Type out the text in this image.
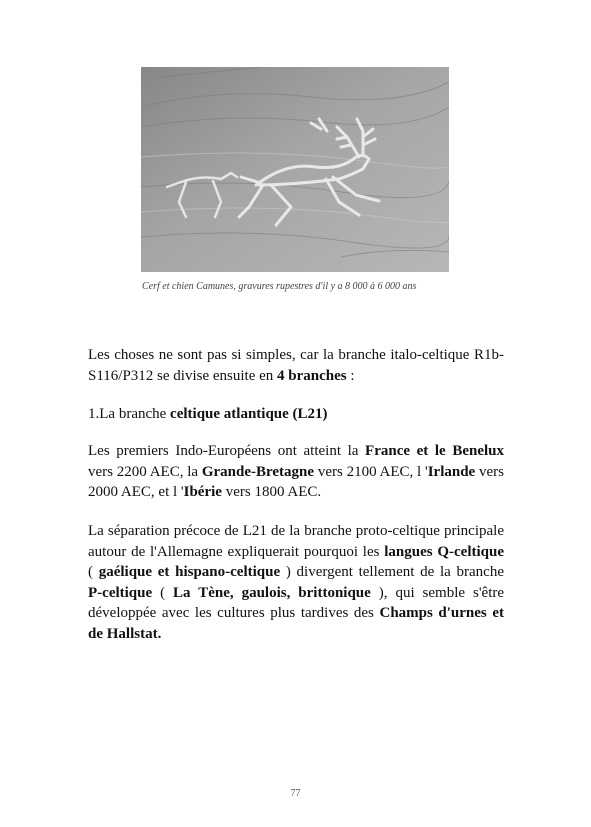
Cerf et chien Camunes, gravures rupestres d'il y a 8 000 à 6 000 ans

Les choses ne sont pas si simples, car la branche italo-celtique R1b-S116/P312 se divise ensuite en 4 branches :

1.La branche celtique atlantique (L21)

Les premiers Indo-Européens ont atteint la France et le Benelux vers 2200 AEC, la Grande-Bretagne vers 2100 AEC, l 'Irlande vers 2000 AEC, et l 'Ibérie vers 1800 AEC.

La séparation précoce de L21 de la branche proto-celtique principale autour de l'Allemagne expliquerait pourquoi les langues Q-celtique ( gaélique et hispano-celtique ) divergent tellement de la branche P-celtique ( La Tène, gaulois, brittonique ), qui semble s'être développée avec les cultures plus tardives des Champs d'urnes et de Hallstat.

77
